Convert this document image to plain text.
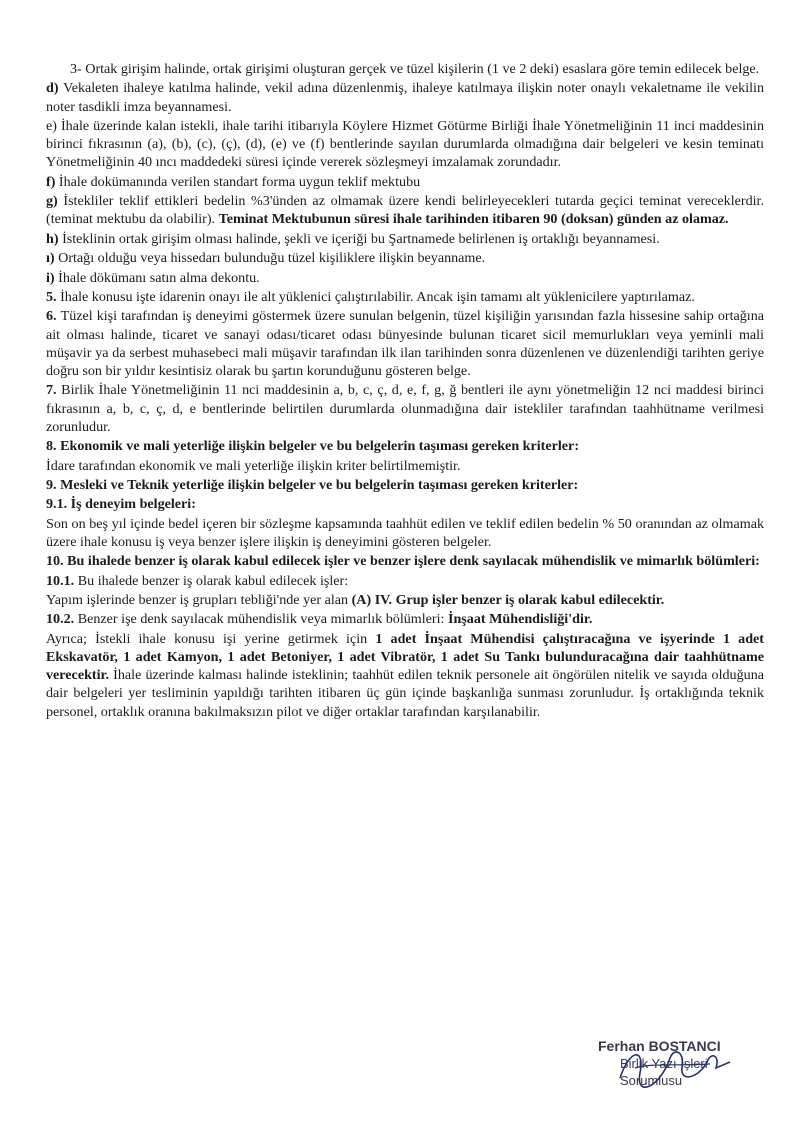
3- Ortak girişim halinde, ortak girişimi oluşturan gerçek ve tüzel kişilerin (1 ve 2 deki) esaslara göre temin edilecek belge.

d) Vekaleten ihaleye katılma halinde, vekil adına düzenlenmiş, ihaleye katılmaya ilişkin noter onaylı vekaletname ile vekilin noter tasdikli imza beyannamesi.

e) İhale üzerinde kalan istekli, ihale tarihi itibarıyla Köylere Hizmet Götürme Birliği İhale Yönetmeliğinin 11 inci maddesinin birinci fıkrasının (a), (b), (c), (ç), (d), (e) ve (f) bentlerinde sayılan durumlarda olmadığına dair belgeleri ve kesin teminatı Yönetmeliğinin 40 ıncı maddedeki süresi içinde vererek sözleşmeyi imzalamak zorundadır.

f) İhale dokümanında verilen standart forma uygun teklif mektubu

g) İstekliler teklif ettikleri bedelin %3'ünden az olmamak üzere kendi belirleyecekleri tutarda geçici teminat vereceklerdir. (teminat mektubu da olabilir). Teminat Mektubunun süresi ihale tarihinden itibaren 90 (doksan) günden az olamaz.

h) İsteklinin ortak girişim olması halinde, şekli ve içeriği bu Şartnamede belirlenen iş ortaklığı beyannamesi.

ı) Ortağı olduğu veya hissedarı bulunduğu tüzel kişiliklere ilişkin beyanname.

i) İhale dökümanı satın alma dekontu.

5. İhale konusu işte idarenin onayı ile alt yüklenici çalıştırılabilir. Ancak işin tamamı alt yüklenicilere yaptırılamaz.

6. Tüzel kişi tarafından iş deneyimi göstermek üzere sunulan belgenin, tüzel kişiliğin yarısından fazla hissesine sahip ortağına ait olması halinde, ticaret ve sanayi odası/ticaret odası bünyesinde bulunan ticaret sicil memurlukları veya yeminli mali müşavir ya da serbest muhasebeci mali müşavir tarafından ilk ilan tarihinden sonra düzenlenen ve düzenlendiği tarihten geriye doğru son bir yıldır kesintisiz olarak bu şartın korunduğunu gösteren belge.

7. Birlik İhale Yönetmeliğinin 11 nci maddesinin a, b, c, ç, d, e, f, g, ğ bentleri ile aynı yönetmeliğin 12 nci maddesi birinci fıkrasının a, b, c, ç, d, e bentlerinde belirtilen durumlarda olunmadığına dair istekliler tarafından taahhütname verilmesi zorunludur.

8. Ekonomik ve mali yeterliğe ilişkin belgeler ve bu belgelerin taşıması gereken kriterler:

İdare tarafından ekonomik ve mali yeterliğe ilişkin kriter belirtilmemiştir.

9. Mesleki ve Teknik yeterliğe ilişkin belgeler ve bu belgelerin taşıması gereken kriterler:

9.1. İş deneyim belgeleri:

Son on beş yıl içinde bedel içeren bir sözleşme kapsamında taahhüt edilen ve teklif edilen bedelin % 50 oranından az olmamak üzere ihale konusu iş veya benzer işlere ilişkin iş deneyimini gösteren belgeler.

10. Bu ihalede benzer iş olarak kabul edilecek işler ve benzer işlere denk sayılacak mühendislik ve mimarlık bölümleri:

10.1. Bu ihalede benzer iş olarak kabul edilecek işler:

Yapım işlerinde benzer iş grupları tebliği'nde yer alan (A) IV. Grup işler benzer iş olarak kabul edilecektir.

10.2. Benzer işe denk sayılacak mühendislik veya mimarlık bölümleri: İnşaat Mühendisliği'dir.

Ayrıca; İstekli ihale konusu işi yerine getirmek için 1 adet İnşaat Mühendisi çalıştıracağına ve işyerinde 1 adet Ekskavatör, 1 adet Kamyon, 1 adet Betoniyer, 1 adet Vibratör, 1 adet Su Tankı bulunduracağına dair taahhütname verecektir. İhale üzerinde kalması halinde isteklinin; taahhüt edilen teknik personele ait öngörülen nitelik ve sayıda olduğuna dair belgeleri yer tesliminin yapıldığı tarihten itibaren üç gün içinde başkanlığa sunması zorunludur. İş ortaklığında teknik personel, ortaklık oranına bakılmaksızın pilot ve diğer ortaklar tarafından karşılanabilir.

Ferhan BOSTANCI
Birlik Yazı İşleri
Sorumlusu
